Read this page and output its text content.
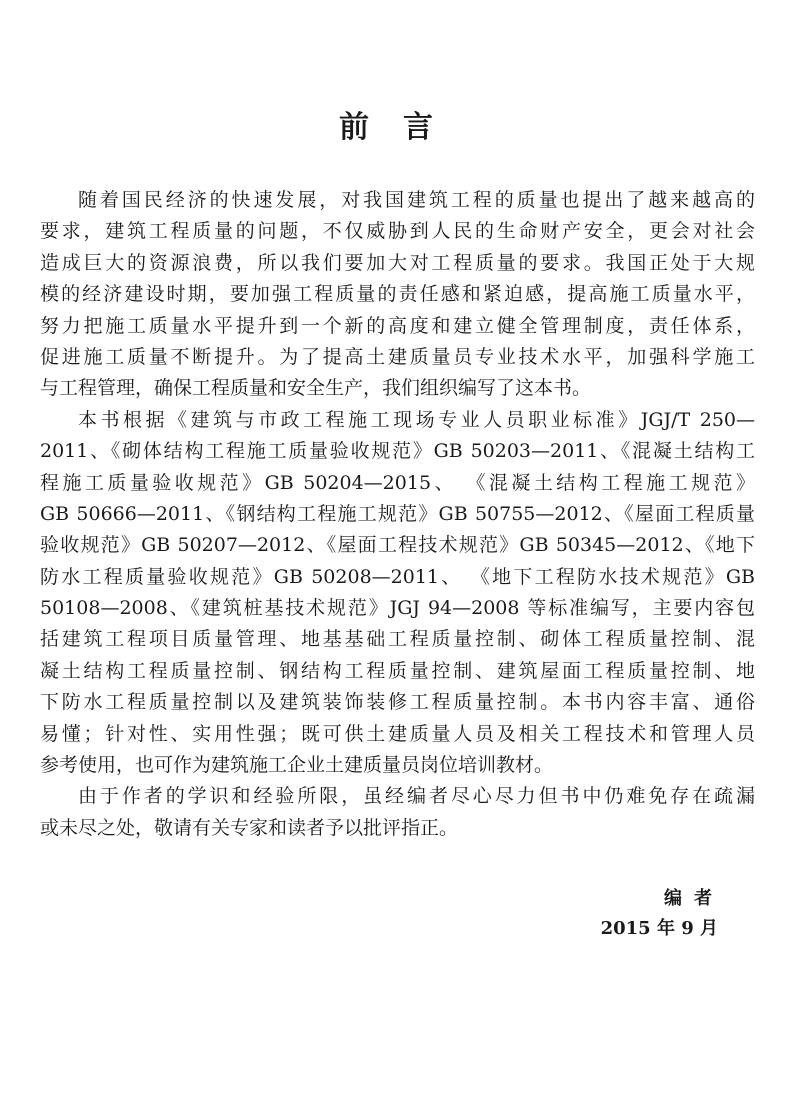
前言
随着国民经济的快速发展，对我国建筑工程的质量也提出了越来越高的
要求，建筑工程质量的问题，不仅威胁到人民的生命财产安全，更会对社会
造成巨大的资源浪费，所以我们要加大对工程质量的要求。我国正处于大规
模的经济建设时期，要加强工程质量的责任感和紧迫感，提高施工质量水平，
努力把施工质量水平提升到一个新的高度和建立健全管理制度，责任体系，
促进施工质量不断提升。为了提高土建质量员专业技术水平，加强科学施工
与工程管理，确保工程质量和安全生产，我们组织编写了这本书。
本书根据《建筑与市政工程施工现场专业人员职业标准》JGJ/T 250—
2011、《砌体结构工程施工质量验收规范》GB 50203—2011、《混凝土结构工
程施工质量验收规范》GB 50204—2015、 《混凝土结构工程施工规范》
GB 50666—2011、《钢结构工程施工规范》GB 50755—2012、《屋面工程质量
验收规范》GB 50207—2012、《屋面工程技术规范》GB 50345—2012、《地下
防水工程质量验收规范》GB 50208—2011、 《地下工程防水技术规范》GB
50108—2008、《建筑桩基技术规范》JGJ 94—2008 等标准编写，主要内容包
括建筑工程项目质量管理、地基基础工程质量控制、砌体工程质量控制、混
凝土结构工程质量控制、钢结构工程质量控制、建筑屋面工程质量控制、地
下防水工程质量控制以及建筑装饰装修工程质量控制。本书内容丰富、通俗
易懂；针对性、实用性强；既可供土建质量人员及相关工程技术和管理人员
参考使用，也可作为建筑施工企业土建质量员岗位培训教材。
由于作者的学识和经验所限，虽经编者尽心尽力但书中仍难免存在疏漏
或未尽之处，敬请有关专家和读者予以批评指正。
编者
2015 年 9 月
